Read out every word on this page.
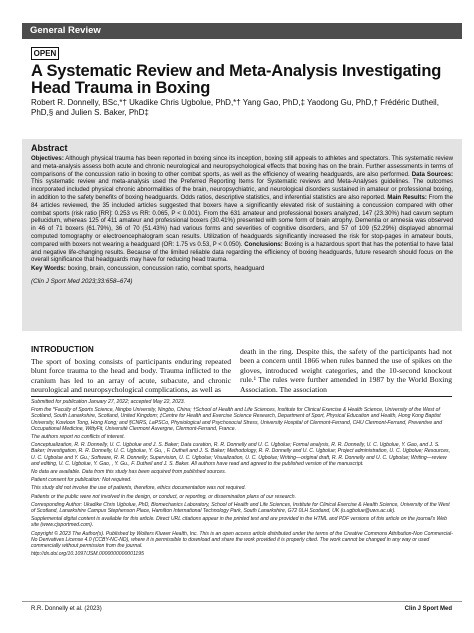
General Review
OPEN
A Systematic Review and Meta-Analysis Investigating Head Trauma in Boxing
Robert R. Donnelly, BSc,*† Ukadike Chris Ugbolue, PhD,*† Yang Gao, PhD,‡ Yaodong Gu, PhD,† Frédéric Dutheil, PhD,§ and Julien S. Baker, PhD‡
Abstract
Objectives: Although physical trauma has been reported in boxing since its inception, boxing still appeals to athletes and spectators. This systematic review and meta-analysis assess both acute and chronic neurological and neuropsychological effects that boxing has on the brain. Further assessments in terms of comparisons of the concussion ratio in boxing to other combat sports, as well as the efficiency of wearing headguards, are also performed. Data Sources: This systematic review and meta-analysis used the Preferred Reporting Items for Systematic reviews and Meta-Analyses guidelines. The outcomes incorporated included physical chronic abnormalities of the brain, neuropsychiatric, and neurological disorders sustained in amateur or professional boxing, in addition to the safety benefits of boxing headguards. Odds ratios, descriptive statistics, and inferential statistics are also reported. Main Results: From the 84 articles reviewed, the 35 included articles suggested that boxers have a significantly elevated risk of sustaining a concussion compared with other combat sports (risk ratio [RR]: 0.253 vs RR: 0.065, P < 0.001). From the 631 amateur and professional boxers analyzed, 147 (23.30%) had cavum septum pellucidum, whereas 125 of 411 amateur and professional boxers (30.41%) presented with some form of brain atrophy. Dementia or amnesia was observed in 46 of 71 boxers (61.79%), 36 of 70 (51.43%) had various forms and severities of cognitive disorders, and 57 of 109 (52.29%) displayed abnormal computed tomography or electroencephalogram scan results. Utilization of headguards significantly increased the risk for stop-pages in amateur bouts, compared with boxers not wearing a headguard (OR: 1.75 vs 0.53, P < 0.050). Conclusions: Boxing is a hazardous sport that has the potential to have fatal and negative life-changing results. Because of the limited reliable data regarding the efficiency of boxing headguards, future research should focus on the overall significance that headguards may have for reducing head trauma.
Key Words: boxing, brain, concussion, concussion ratio, combat sports, headguard
(Clin J Sport Med 2023;33:658–674)
INTRODUCTION
The sport of boxing consists of participants enduring repeated blunt force trauma to the head and body. Trauma inflicted to the cranium has led to an array of acute, subacute, and chronic neurological and neuropsychological complications, as well as
death in the ring. Despite this, the safety of the participants had not been a concern until 1866 when rules banned the use of spikes on the gloves, introduced weight categories, and the 10-second knockout rule.¹ The rules were further amended in 1987 by the World Boxing Association. The association

Submitted for publication January 27, 2022; accepted May 22, 2023.

From the *Faculty of Sports Science, Ningbo University, Ningbo, China; †School of Health and Life Sciences, Institute for Clinical Exercise & Health Science, University of the West of Scotland, South Lanarkshire, Scotland, United Kingdom; ‡Centre for Health and Exercise Science Research, Department of Sport, Physical Education and Health, Hong Kong Baptist University, Kowloon Tong, Hong Kong; and §CNRS, LaPSCo, Physiological and Psychosocial Stress, University Hospital of Clermont-Ferrand, CHU Clermont-Ferrand, Preventive and Occupational Medicine, WittyFit, Université Clermont Auvergne, Clermont-Ferrand, France.

The authors report no conflicts of interest.

Conceptualization, R. R. Donnelly, U. C. Ugbolue and J. S. Baker; Data curation, R. R. Donnelly and U. C. Ugbolue; Formal analysis, R. R. Donnelly, U. C. Ugbolue, Y. Gao, and J. S. Baker; Investigation, R. R. Donnelly, U. C. Ugbolue, Y. Gu, , F. Dutheil and J. S. Baker; Methodology, R. R. Donnelly and U. C. Ugbolue; Project administration, U. C. Ugbolue; Resources, U. C. Ugbolue and Y. Gu.; Software, R. R. Donnelly; Supervision, U. C. Ugbolue; Visualization, U. C. Ugbolue; Writing—original draft, R. R. Donnelly and U. C. Ugbolue; Writing—review and editing, U. C. Ugbolue, Y. Gao, , Y. Gu., F. Dutheil and J. S. Baker. All authors have read and agreed to the published version of the manuscript.

No data are available. Data from this study has been acquired from published sources.

Patient consent for publication: Not required.

This study did not involve the use of patients, therefore, ethics documentation was not required.

Patients or the public were not involved in the design, or conduct, or reporting, or dissemination plans of our research.

Corresponding Author: Ukadike Chris Ugbolue, PhD, Biomechanics Laboratory, School of Health and Life Sciences, Institute for Clinical Exercise & Health Science, University of the West of Scotland, Lanarkshire Campus Stephenson Place, Hamilton International Technology Park, South Lanarkshire, G72 0LH Scotland, UK (u.ugbolue@uws.ac.uk).

Supplemental digital content is available for this article. Direct URL citations appear in the printed text and are provided in the HTML and PDF versions of this article on the journal's Web site (www.cjsportmed.com).

Copyright © 2023 The Author(s). Published by Wolters Kluwer Health, Inc. This is an open access article distributed under the terms of the Creative Commons Attribution-Non Commercial-No Derivatives License 4.0 (CCBY-NC-ND), where it is permissible to download and share the work provided it is properly cited. The work cannot be changed in any way or used commercially without permission from the journal.

http://dx.doi.org/10.1097/JSM.0000000000001195

R.R. Donnelly et al. (2023)	Clin J Sport Med
